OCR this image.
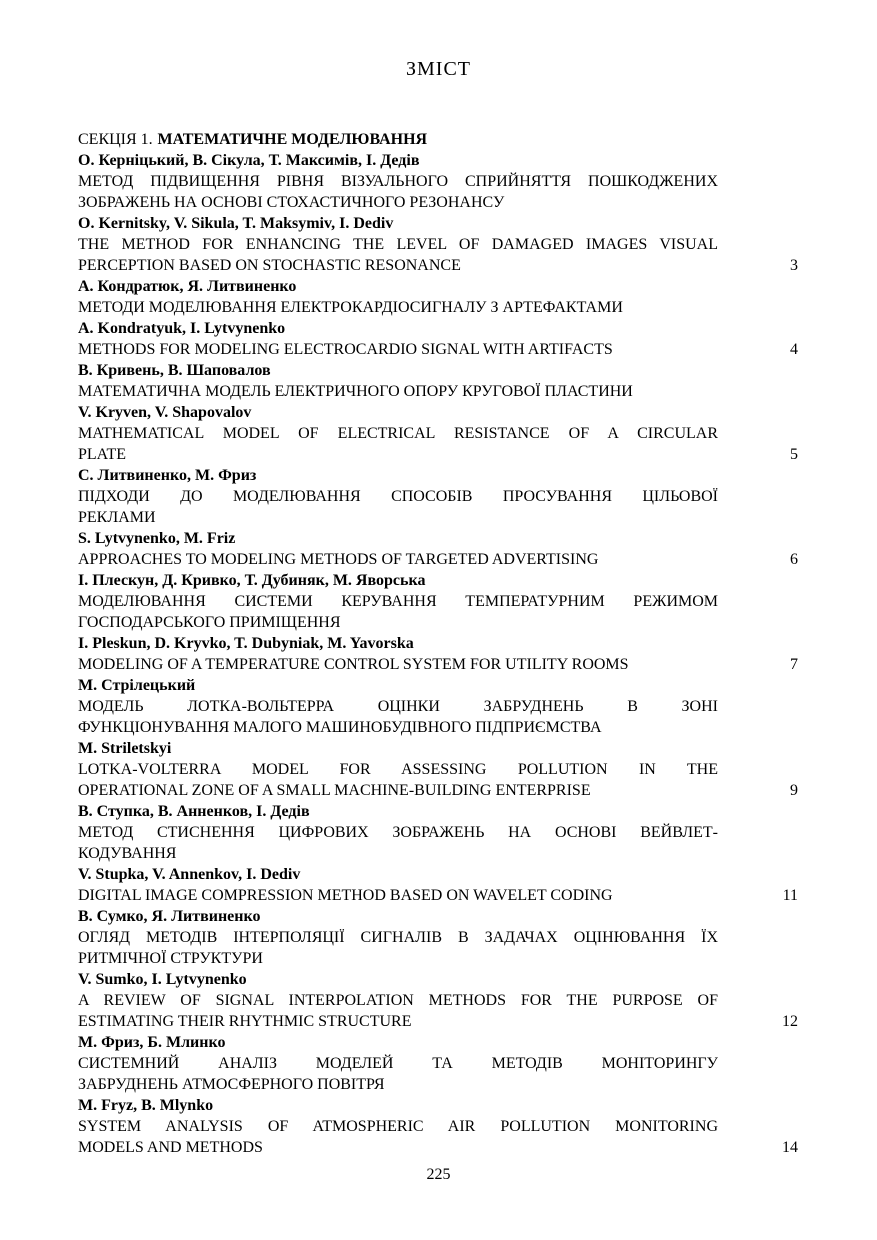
ЗМІСТ
СЕКЦІЯ 1. МАТЕМАТИЧНЕ МОДЕЛЮВАННЯ
О. Керніцький, В. Сікула, Т. Максимів, І. Дедів
МЕТОД ПІДВИЩЕННЯ РІВНЯ ВІЗУАЛЬНОГО СПРИЙНЯТТЯ ПОШКОДЖЕНИХ
ЗОБРАЖЕНЬ НА ОСНОВІ СТОХАСТИЧНОГО РЕЗОНАНСУ
O. Kernitsky, V. Sikula, T. Maksymiv, I. Dediv
THE METHOD FOR ENHANCING THE LEVEL OF DAMAGED IMAGES VISUAL
PERCEPTION BASED ON STOCHASTIC RESONANCE	3
А. Кондратюк, Я. Литвиненко
МЕТОДИ МОДЕЛЮВАННЯ ЕЛЕКТРОКАРДІОСИГНАЛУ З АРТЕФАКТАМИ
A. Kondratyuk, I. Lytvynenko
METHODS FOR MODELING ELECTROCARDIO SIGNAL WITH ARTIFACTS	4
В. Кривень, В. Шаповалов
МАТЕМАТИЧНА МОДЕЛЬ ЕЛЕКТРИЧНОГО ОПОРУ КРУГОВОЇ ПЛАСТИНИ
V. Kryven, V. Shapovalov
MATHEMATICAL MODEL OF ELECTRICAL RESISTANCE OF A CIRCULAR
PLATE	5
С. Литвиненко, М. Фриз
ПІДХОДИ ДО МОДЕЛЮВАННЯ СПОСОБІВ ПРОСУВАННЯ ЦІЛЬОВОЇ
РЕКЛАМИ
S. Lytvynenko, M. Friz
APPROACHES TO MODELING METHODS OF TARGETED ADVERTISING	6
І. Плескун, Д. Кривко, Т. Дубиняк, М. Яворська
МОДЕЛЮВАННЯ СИСТЕМИ КЕРУВАННЯ ТЕМПЕРАТУРНИМ РЕЖИМОМ
ГОСПОДАРСЬКОГО ПРИМІЩЕННЯ
I. Pleskun, D. Kryvko, T. Dubyniak, M. Yavorska
MODELING OF A TEMPERATURE CONTROL SYSTEM FOR UTILITY ROOMS	7
М. Стрілецький
МОДЕЛЬ ЛОТКА-ВОЛЬТЕРРА ОЦІНКИ ЗАБРУДНЕНЬ В ЗОНІ
ФУНКЦІОНУВАННЯ МАЛОГО МАШИНОБУДІВНОГО ПІДПРИЄМСТВА
M. Striletskyi
LOTKA-VOLTERRA MODEL FOR ASSESSING POLLUTION IN THE
OPERATIONAL ZONE OF A SMALL MACHINE-BUILDING ENTERPRISE	9
В. Ступка, В. Анненков, І. Дедів
МЕТОД СТИСНЕННЯ ЦИФРОВИХ ЗОБРАЖЕНЬ НА ОСНОВІ ВЕЙВЛЕТ-
КОДУВАННЯ
V. Stupka, V. Annenkov, I. Dediv
DIGITAL IMAGE COMPRESSION METHOD BASED ON WAVELET CODING	11
В. Сумко, Я. Литвиненко
ОГЛЯД МЕТОДІВ ІНТЕРПОЛЯЦІЇ СИГНАЛІВ В ЗАДАЧАХ ОЦІНЮВАННЯ ЇХ
РИТМІЧНОЇ СТРУКТУРИ
V. Sumko, I. Lytvynenko
A REVIEW OF SIGNAL INTERPOLATION METHODS FOR THE PURPOSE OF
ESTIMATING THEIR RHYTHMIC STRUCTURE	12
М. Фриз, Б. Млинко
СИСТЕМНИЙ АНАЛІЗ МОДЕЛЕЙ ТА МЕТОДІВ МОНІТОРИНГУ
ЗАБРУДНЕНЬ АТМОСФЕРНОГО ПОВІТРЯ
M. Fryz, B. Mlynko
SYSTEM ANALYSIS OF ATMOSPHERIC AIR POLLUTION MONITORING
MODELS AND METHODS	14
225
